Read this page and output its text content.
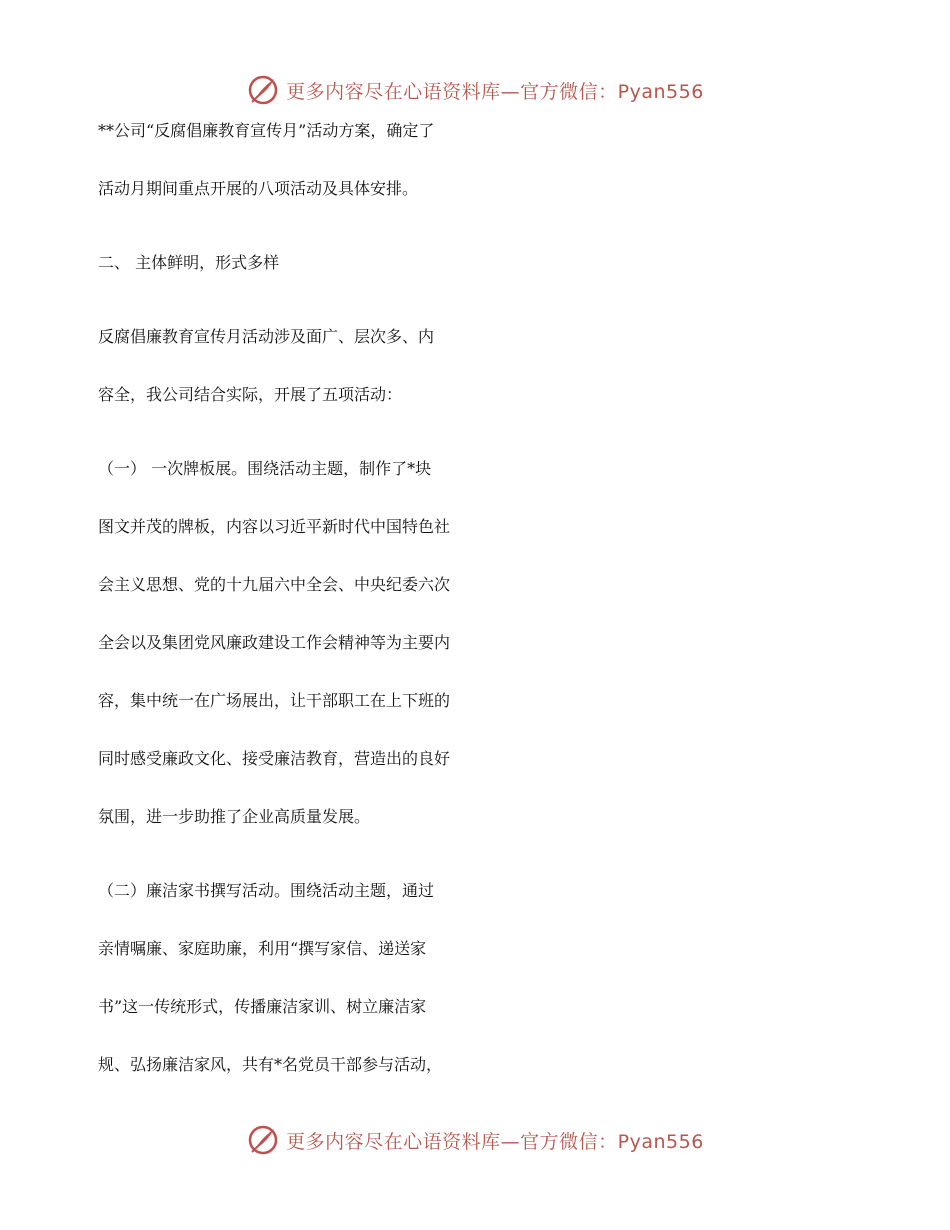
更多内容尽在心语资料库—官方微信：Pyan556
**公司“反腐倡廉教育宣传月”活动方案，确定了
活动月期间重点开展的八项活动及具体安排。
二、 主体鲜明，形式多样
反腐倡廉教育宣传月活动涉及面广、层次多、内
容全，我公司结合实际，开展了五项活动：
（一） 一次牌板展。围绕活动主题，制作了*块
图文并茂的牌板，内容以习近平新时代中国特色社
会主义思想、党的十九届六中全会、中央纪委六次
全会以及集团党风廉政建设工作会精神等为主要内
容，集中统一在广场展出，让干部职工在上下班的
同时感受廉政文化、接受廉洁教育，营造出的良好
氛围，进一步助推了企业高质量发展。
（二）廉洁家书撰写活动。围绕活动主题，通过
亲情嘱廉、家庭助廉，利用“撰写家信、递送家
书”这一传统形式，传播廉洁家训、树立廉洁家
规、弘扬廉洁家风，共有*名党员干部参与活动，
更多内容尽在心语资料库—官方微信：Pyan556
